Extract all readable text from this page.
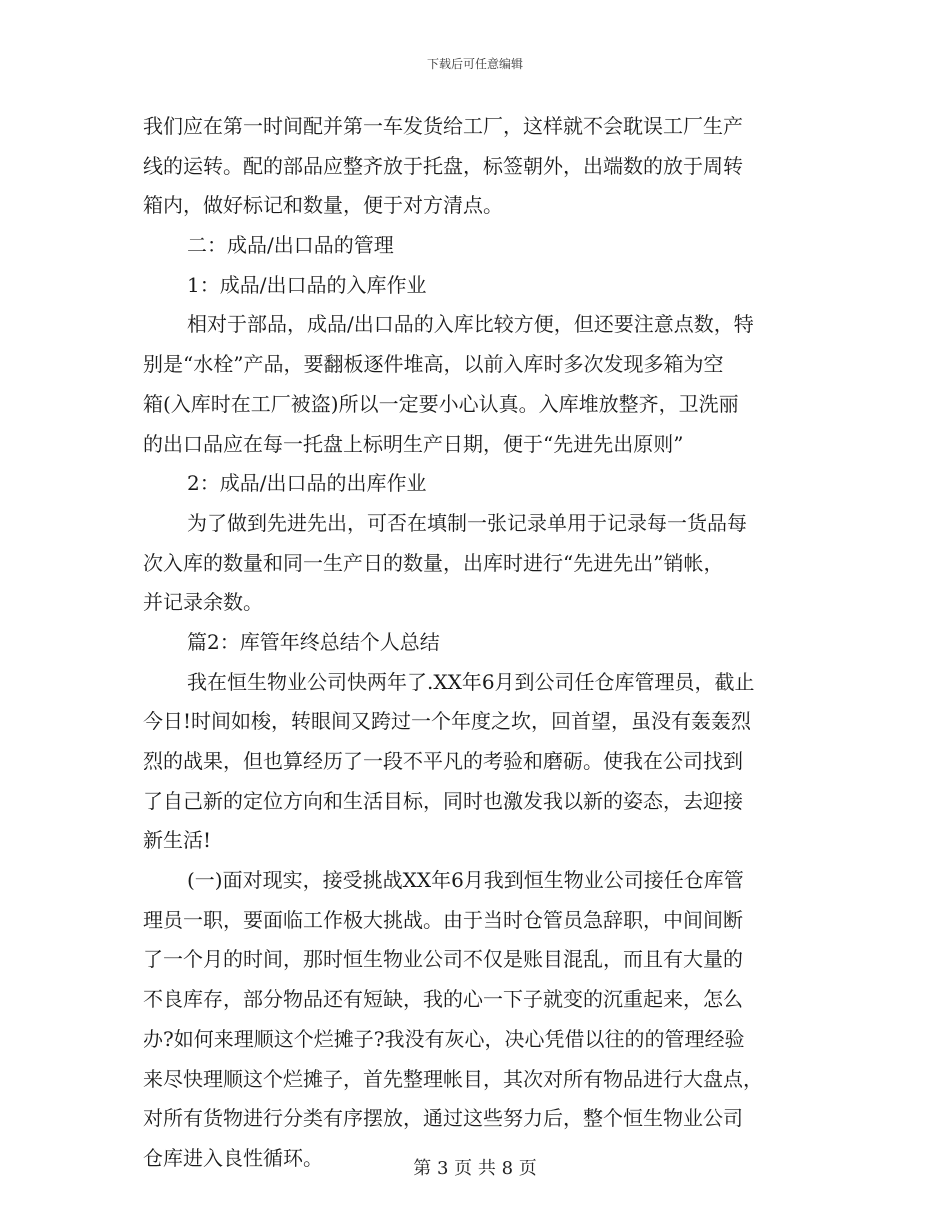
下载后可任意编辑
我们应在第一时间配并第一车发货给工厂，这样就不会耽误工厂生产
线的运转。配的部品应整齐放于托盘，标签朝外，出端数的放于周转
箱内，做好标记和数量，便于对方清点。
二：成品/出口品的管理
1：成品/出口品的入库作业
相对于部品，成品/出口品的入库比较方便，但还要注意点数，特
别是“水栓”产品，要翻板逐件堆高，以前入库时多次发现多箱为空
箱(入库时在工厂被盗)所以一定要小心认真。入库堆放整齐，卫洗丽
的出口品应在每一托盘上标明生产日期，便于“先进先出原则”
2：成品/出口品的出库作业
为了做到先进先出，可否在填制一张记录单用于记录每一货品每
次入库的数量和同一生产日的数量，出库时进行“先进先出”销帐，
并记录余数。
篇2：库管年终总结个人总结
我在恒生物业公司快两年了.XX年6月到公司任仓库管理员，截止
今日!时间如梭，转眼间又跨过一个年度之坎，回首望，虽没有轰轰烈
烈的战果，但也算经历了一段不平凡的考验和磨砺。使我在公司找到
了自己新的定位方向和生活目标，同时也激发我以新的姿态，去迎接
新生活!
(一)面对现实，接受挑战XX年6月我到恒生物业公司接任仓库管
理员一职，要面临工作极大挑战。由于当时仓管员急辞职，中间间断
了一个月的时间，那时恒生物业公司不仅是账目混乱，而且有大量的
不良库存，部分物品还有短缺，我的心一下子就变的沉重起来，怎么
办?如何来理顺这个烂摊子?我没有灰心，决心凭借以往的的管理经验
来尽快理顺这个烂摊子，首先整理帐目，其次对所有物品进行大盘点，
对所有货物进行分类有序摆放，通过这些努力后，整个恒生物业公司
仓库进入良性循环。	第 3 页 共 8 页
